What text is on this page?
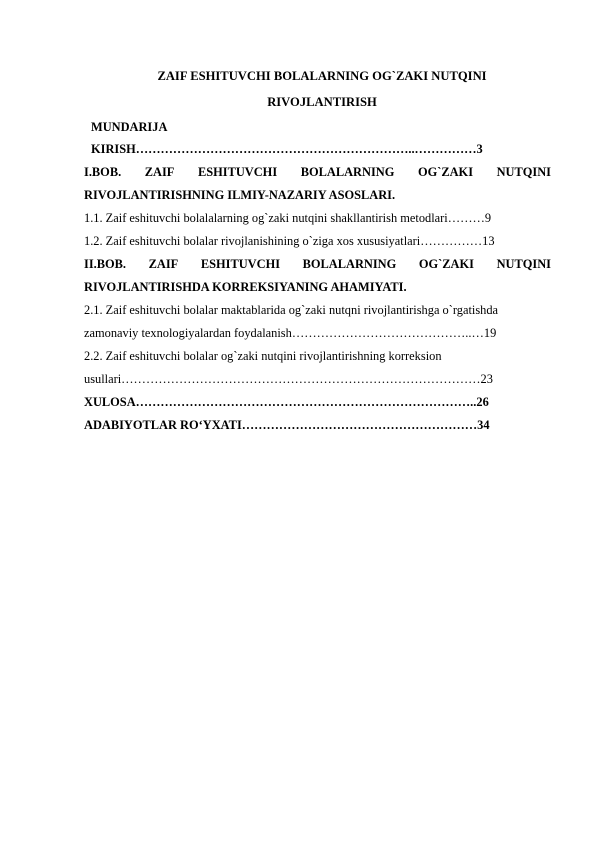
ZAIF ESHITUVCHI BOLALARNING OG`ZAKI NUTQINI

RIVOJLANTIRISH

MUNDARIJA

KIRISH…………………………………………………………..……………3

I.BOB. ZAIF ESHITUVCHI BOLALARNING OG`ZAKI NUTQINI

RIVOJLANTIRISHNING ILMIY-NAZARIY ASOSLARI.

1.1. Zaif eshituvchi bolalalarning og`zaki nutqini shakllantirish metodlari………9

1.2. Zaif eshituvchi bolalar rivojlanishining o`ziga xos xususiyatlari……………13

II.BOB. ZAIF ESHITUVCHI BOLALARNING OG`ZAKI NUTQINI

RIVOJLANTIRISHDA KORREKSIYANING AHAMIYATI.

2.1. Zaif eshituvchi bolalar maktablarida og`zaki nutqni rivojlantirishga o`rgatishda

zamonaviy texnologiyalardan foydalanish……………………………………..…19

2.2. Zaif eshituvchi bolalar og`zaki nutqini rivojlantirishning korreksion

usullari……………………………………………………………………………23

XULOSA………………………………………………………………………..26

ADABIYOTLAR RO‘YXATI…………………………………………………34
